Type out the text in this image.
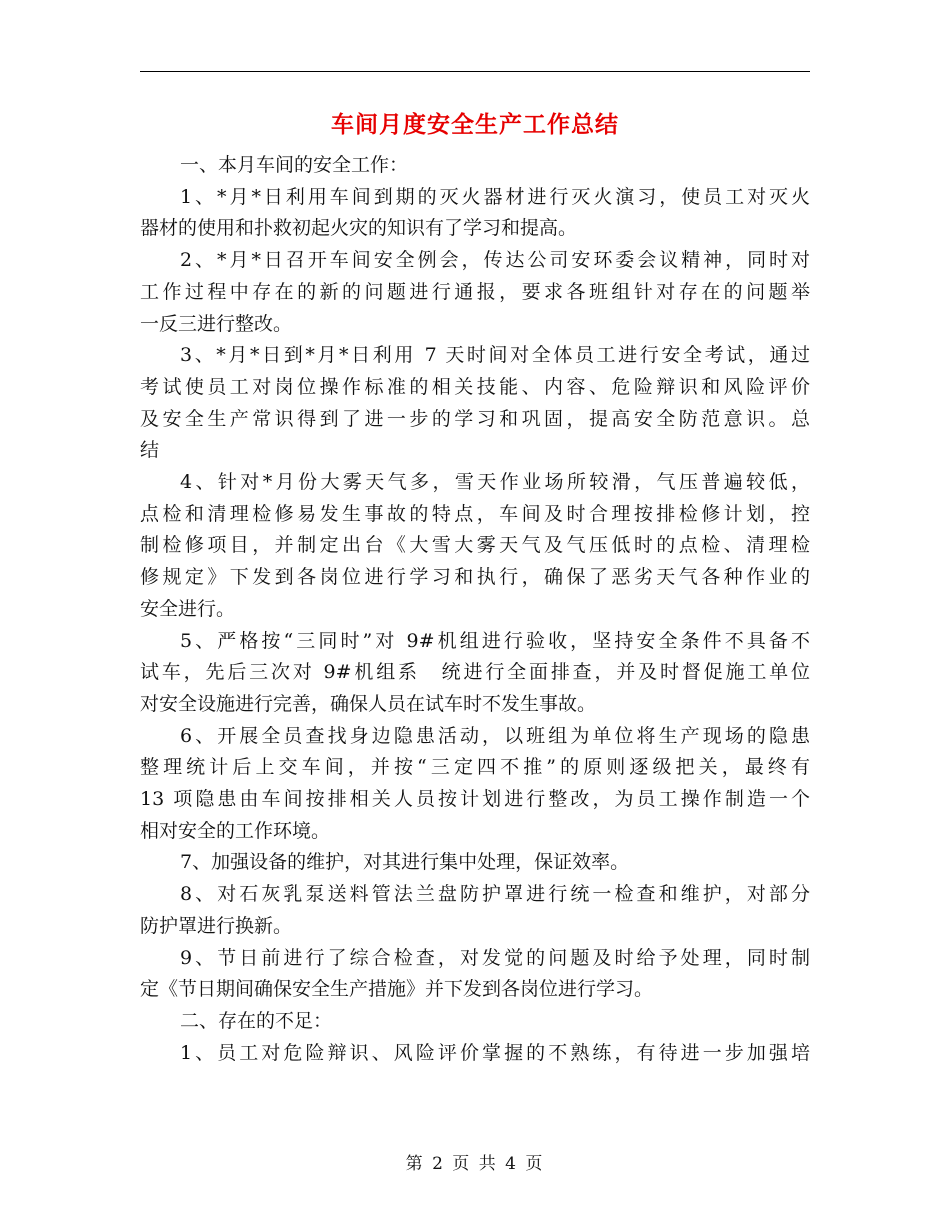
车间月度安全生产工作总结

一、本月车间的安全工作：

1、*月*日利用车间到期的灭火器材进行灭火演习，使员工对灭火
器材的使用和扑救初起火灾的知识有了学习和提高。

2、*月*日召开车间安全例会，传达公司安环委会议精神，同时对
工作过程中存在的新的问题进行通报，要求各班组针对存在的问题举
一反三进行整改。

3、*月*日到*月*日利用 7 天时间对全体员工进行安全考试，通过
考试使员工对岗位操作标准的相关技能、内容、危险辩识和风险评价
及安全生产常识得到了进一步的学习和巩固，提高安全防范意识。总
结

4、针对*月份大雾天气多，雪天作业场所较滑，气压普遍较低，
点检和清理检修易发生事故的特点，车间及时合理按排检修计划，控
制检修项目，并制定出台《大雪大雾天气及气压低时的点检、清理检
修规定》下发到各岗位进行学习和执行，确保了恶劣天气各种作业的
安全进行。

5、严格按“三同时”对 9#机组进行验收，坚持安全条件不具备不
试车，先后三次对 9#机组系　统进行全面排查，并及时督促施工单位
对安全设施进行完善，确保人员在试车时不发生事故。

6、开展全员查找身边隐患活动，以班组为单位将生产现场的隐患
整理统计后上交车间，并按“三定四不推”的原则逐级把关，最终有
13 项隐患由车间按排相关人员按计划进行整改，为员工操作制造一个
相对安全的工作环境。

7、加强设备的维护，对其进行集中处理，保证效率。

8、对石灰乳泵送料管法兰盘防护罩进行统一检查和维护，对部分
防护罩进行换新。

9、节日前进行了综合检查，对发觉的问题及时给予处理，同时制
定《节日期间确保安全生产措施》并下发到各岗位进行学习。

二、存在的不足：

1、员工对危险辩识、风险评价掌握的不熟练，有待进一步加强培

第 2 页 共 4 页
